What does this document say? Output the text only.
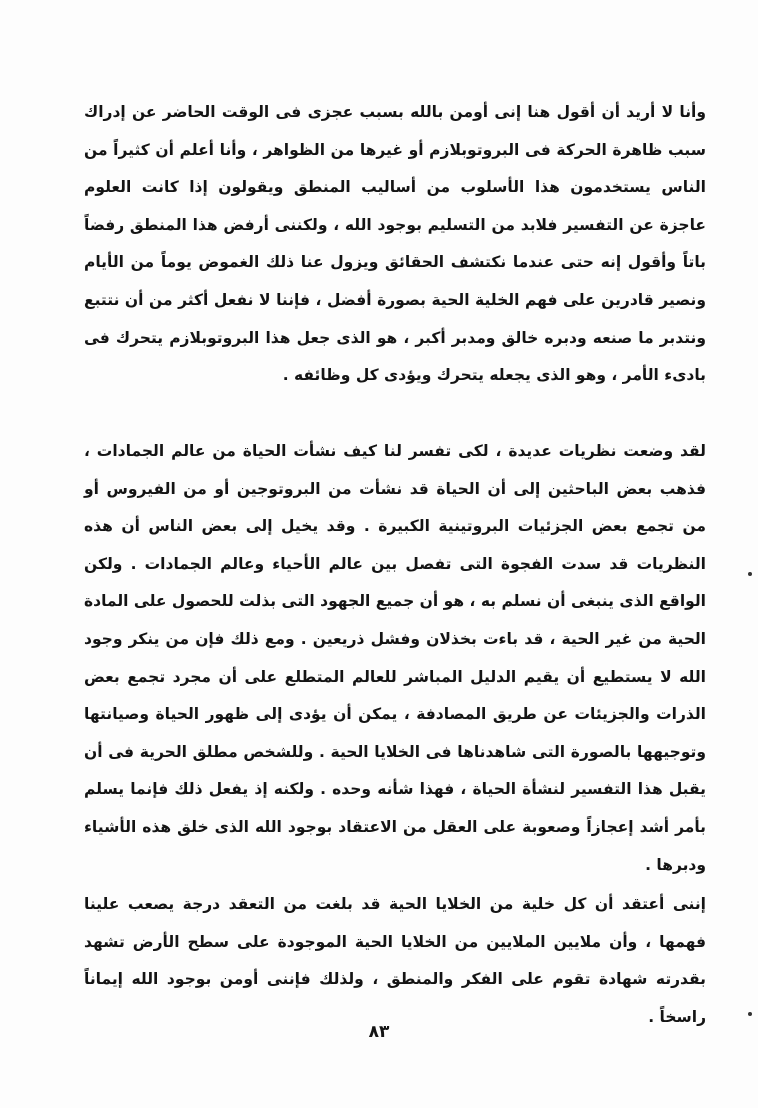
وأنا لا أريد أن أقول هنا إنى أومن بالله بسبب عجزى فى الوقت الحاضر عن إدراك سبب ظاهرة الحركة فى البروتوبلازم أو غيرها من الظواهر ، وأنا أعلم أن كثيراً من الناس يستخدمون هذا الأسلوب من أساليب المنطق ويقولون إذا كانت العلوم عاجزة عن التفسير فلابد من التسليم بوجود الله ، ولكننى أرفض هذا المنطق رفضاً باتاً وأقول إنه حتى عندما نكتشف الحقائق ويزول عنا ذلك الغموض يوماً من الأيام ونصير قادرين على فهم الخلية الحية بصورة أفضل ، فإننا لا نفعل أكثر من أن نتتبع ونتدبر ما صنعه ودبره خالق ومدبر أكبر ، هو الذى جعل هذا البروتوبلازم يتحرك فى بادىء الأمر ، وهو الذى يجعله يتحرك ويؤدى كل وظائفه .

لقد وضعت نظريات عديدة ، لكى تفسر لنا كيف نشأت الحياة من عالم الجمادات ، فذهب بعض الباحثين إلى أن الحياة قد نشأت من البروتوجين أو من الفيروس أو من تجمع بعض الجزئيات البروتينية الكبيرة . وقد يخيل إلى بعض الناس أن هذه النظريات قد سدت الفجوة التى تفصل بين عالم الأحياء وعالم الجمادات . ولكن الواقع الذى ينبغى أن نسلم به ، هو أن جميع الجهود التى بذلت للحصول على المادة الحية من غير الحية ، قد باءت بخذلان وفشل ذريعين . ومع ذلك فإن من ينكر وجود الله لا يستطيع أن يقيم الدليل المباشر للعالم المتطلع على أن مجرد تجمع بعض الذرات والجزيئات عن طريق المصادفة ، يمكن أن يؤدى إلى ظهور الحياة وصيانتها وتوجيهها بالصورة التى شاهدناها فى الخلايا الحية . وللشخص مطلق الحرية فى أن يقبل هذا التفسير لنشأة الحياة ، فهذا شأنه وحده . ولكنه إذ يفعل ذلك فإنما يسلم بأمر أشد إعجازاً وصعوبة على العقل من الاعتقاد بوجود الله الذى خلق هذه الأشياء ودبرها .

إننى أعتقد أن كل خلية من الخلايا الحية قد بلغت من التعقد درجة يصعب علينا فهمها ، وأن ملايين الملايين من الخلايا الحية الموجودة على سطح الأرض تشهد بقدرته شهادة تقوم على الفكر والمنطق ، ولذلك فإننى أومن بوجود الله إيماناً راسخاً .

٨٣
